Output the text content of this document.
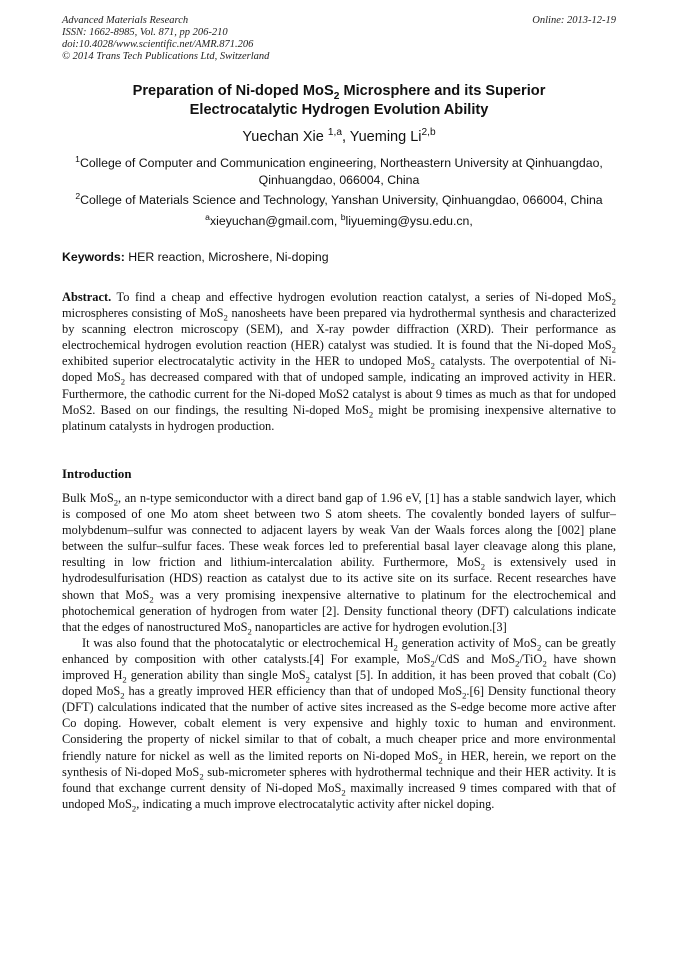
Advanced Materials Research
ISSN: 1662-8985, Vol. 871, pp 206-210
doi:10.4028/www.scientific.net/AMR.871.206
© 2014 Trans Tech Publications Ltd, Switzerland
Online: 2013-12-19
Preparation of Ni-doped MoS$_2$ Microsphere and its Superior
Electrocatalytic Hydrogen Evolution Ability
Yuechan Xie $^{1,a}$, Yueming Li$^{2,b}$
$^1$College of Computer and Communication engineering, Northeastern University at Qinhuangdao,
Qinhuangdao, 066004, China
$^2$College of Materials Science and Technology, Yanshan University, Qinhuangdao, 066004, China
$^a$xieyuchan@gmail.com, $^b$liyueming@ysu.edu.cn,
Keywords: HER reaction, Microshere, Ni-doping
Abstract. To find a cheap and effective hydrogen evolution reaction catalyst, a series of Ni-doped MoS$_2$ microspheres consisting of MoS$_2$ nanosheets have been prepared via hydrothermal synthesis and characterized by scanning electron microscopy (SEM), and X-ray powder diffraction (XRD). Their performance as electrochemical hydrogen evolution reaction (HER) catalyst was studied. It is found that the Ni-doped MoS$_2$ exhibited superior electrocatalytic activity in the HER to undoped MoS$_2$ catalysts. The overpotential of Ni-doped MoS$_2$ has decreased compared with that of undoped sample, indicating an improved activity in HER. Furthermore, the cathodic current for the Ni-doped MoS2 catalyst is about 9 times as much as that for undoped MoS2. Based on our findings, the resulting Ni-doped MoS$_2$ might be promising inexpensive alternative to platinum catalysts in hydrogen production.
Introduction
Bulk MoS$_2$, an n-type semiconductor with a direct band gap of 1.96 eV, [1] has a stable sandwich layer, which is composed of one Mo atom sheet between two S atom sheets. The covalently bonded layers of sulfur–molybdenum–sulfur was connected to adjacent layers by weak Van der Waals forces along the [002] plane between the sulfur–sulfur faces. These weak forces led to preferential basal layer cleavage along this plane, resulting in low friction and lithium-intercalation ability. Furthermore, MoS$_2$ is extensively used in hydrodesulfurisation (HDS) reaction as catalyst due to its active site on its surface. Recent researches have shown that MoS$_2$ was a very promising inexpensive alternative to platinum for the electrochemical and photochemical generation of hydrogen from water [2]. Density functional theory (DFT) calculations indicate that the edges of nanostructured MoS$_2$ nanoparticles are active for hydrogen evolution.[3]
It was also found that the photocatalytic or electrochemical $H_2$ generation activity of MoS$_2$ can be greatly enhanced by composition with other catalysts.[4] For example, MoS$_2$/CdS and MoS$_2$/TiO$_2$ have shown improved $H_2$ generation ability than single MoS$_2$ catalyst [5]. In addition, it has been proved that cobalt (Co) doped MoS$_2$ has a greatly improved HER efficiency than that of undoped MoS$_2$.[6] Density functional theory (DFT) calculations indicated that the number of active sites increased as the S-edge become more active after Co doping. However, cobalt element is very expensive and highly toxic to human and environment. Considering the property of nickel similar to that of cobalt, a much cheaper price and more environmental friendly nature for nickel as well as the limited reports on Ni-doped MoS$_2$ in HER, herein, we report on the synthesis of Ni-doped MoS$_2$ sub-micrometer spheres with hydrothermal technique and their HER activity. It is found that exchange current density of Ni-doped MoS$_2$ maximally increased 9 times compared with that of undoped MoS$_2$, indicating a much improve electrocatalytic activity after nickel doping.
